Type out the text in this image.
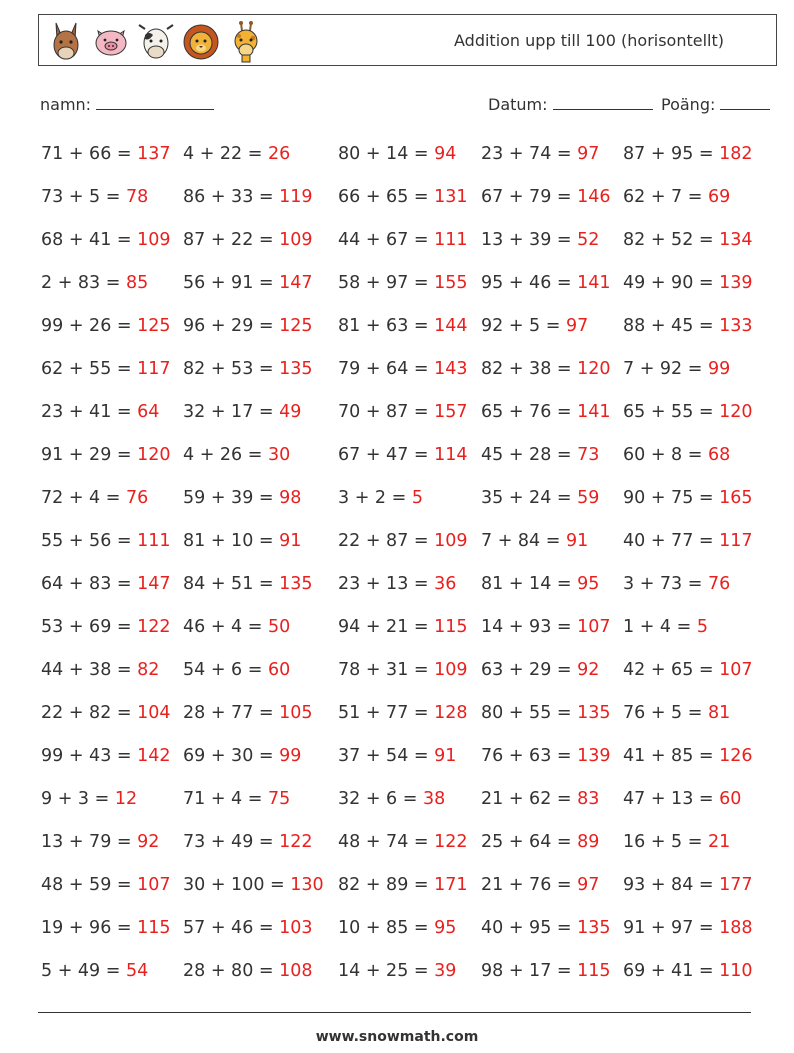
Addition upp till 100 (horisontellt)
namn:	Datum:	Poäng:
71 + 66 = 137 4 + 22 = 26	80 + 14 = 94 23 + 74 = 97 87 + 95 = 182
73 + 5 = 78 86 + 33 = 119 66 + 65 = 131 67 + 79 = 146 62 + 7 = 69
68 + 41 = 109 87 + 22 = 109 44 + 67 = 111 13 + 39 = 52 82 + 52 = 134
2 + 83 = 85 56 + 91 = 147 58 + 97 = 155 95 + 46 = 141 49 + 90 = 139
99 + 26 = 125 96 + 29 = 125 81 + 63 = 144 92 + 5 = 97 88 + 45 = 133
62 + 55 = 117 82 + 53 = 135 79 + 64 = 143 82 + 38 = 120 7 + 92 = 99
23 + 41 = 64 32 + 17 = 49 70 + 87 = 157 65 + 76 = 141 65 + 55 = 120
91 + 29 = 120 4 + 26 = 30	67 + 47 = 114 45 + 28 = 73 60 + 8 = 68
72 + 4 = 76 59 + 39 = 98 3 + 2 = 5	35 + 24 = 59 90 + 75 = 165
55 + 56 = 111 81 + 10 = 91 22 + 87 = 109 7 + 84 = 91 40 + 77 = 117
64 + 83 = 147 84 + 51 = 135 23 + 13 = 36 81 + 14 = 95 3 + 73 = 76
53 + 69 = 122 46 + 4 = 50	94 + 21 = 115 14 + 93 = 107 1 + 4 = 5
44 + 38 = 82 54 + 6 = 60	78 + 31 = 109 63 + 29 = 92 42 + 65 = 107
22 + 82 = 104 28 + 77 = 105 51 + 77 = 128 80 + 55 = 135 76 + 5 = 81
99 + 43 = 142 69 + 30 = 99 37 + 54 = 91 76 + 63 = 139 41 + 85 = 126
9 + 3 = 12	71 + 4 = 75	32 + 6 = 38 21 + 62 = 83 47 + 13 = 60
13 + 79 = 92 73 + 49 = 122 48 + 74 = 122 25 + 64 = 89 16 + 5 = 21
48 + 59 = 107 30 + 100 = 130 82 + 89 = 171 21 + 76 = 97 93 + 84 = 177
19 + 96 = 115 57 + 46 = 103 10 + 85 = 95 40 + 95 = 135 91 + 97 = 188
5 + 49 = 54 28 + 80 = 108 14 + 25 = 39 98 + 17 = 115 69 + 41 = 110
www.snowmath.com
